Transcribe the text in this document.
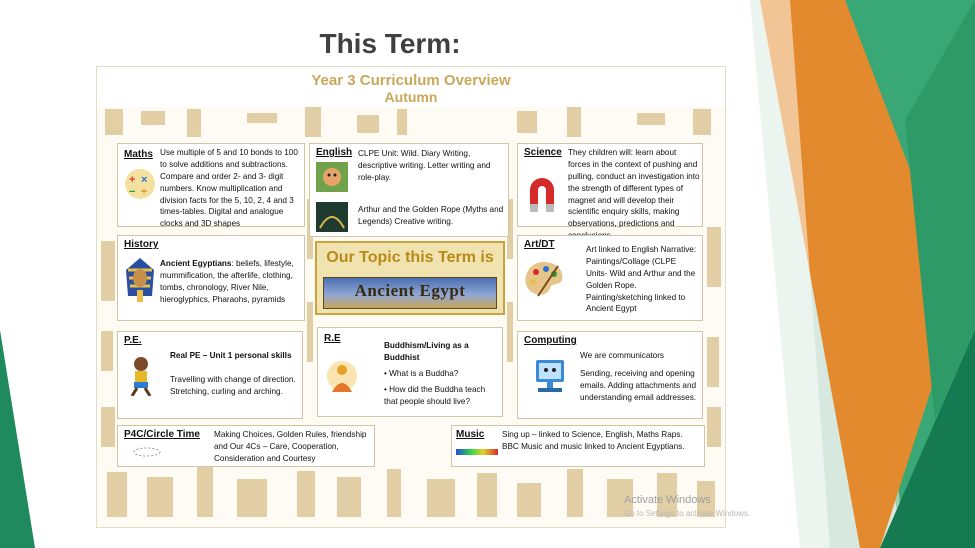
This Term:
Year 3 Curriculum Overview
Autumn
Maths
+ ×
− ÷
Use multiple of 5 and 10 bonds to 100 to solve additions and subtractions. Compare and order 2- and 3- digit numbers. Know multiplication and division facts for the 5, 10, 2, 4 and 3 times-tables. Digital and analogue clocks and 3D shapes
English CLPE Unit: Wild. Diary Writing, descriptive writing. Letter writing and role-play.
Arthur and the Golden Rope (Myths and Legends) Creative writing.
Science They children will: learn about forces in the context of pushing and pulling, conduct an investigation into the strength of different types of magnet and will develop their scientific enquiry skills, making observations, predictions and
History
Ancient Egyptians: beliefs, lifestyle, mummification, the afterlife, clothing, tombs, chronology, River Nile, hieroglyphics, Pharaohs, pyramids
Our Topic this Term is
Ancient Egypt
Art/DT	Art linked to English Narrative: Paintings/Collage (CLPE Units- Wild and Arthur and the Golden Rope. Painting/sketching linked to Ancient Egypt
P.E.
Real PE – Unit 1 personal skills
Travelling with change of direction. Stretching, curling and arching.
R.E
Buddhism/Living as a Buddhist
• What is a Buddha?
• How did the Buddha teach that people should live?
Computing
We are communicators
Sending, receiving and opening emails. Adding attachments and understanding email addresses.
P4C/Circle Time Making Choices, Golden Rules, friendship and Our 4Cs – Care, Cooperation, Consideration and Courtesy
Music Sing up – linked to Science, English, Maths Raps. BBC Music and music linked to Ancient Egyptians.
Activate Windows
Go to Settings to activate Windows.
